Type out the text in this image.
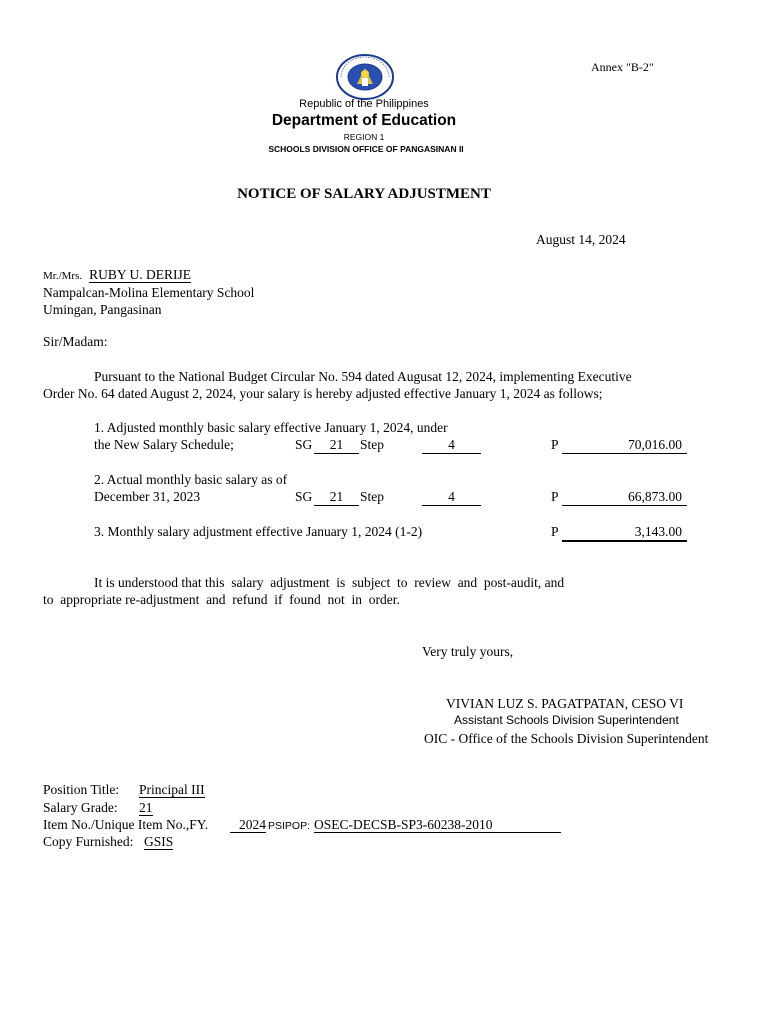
Annex "B-2"
Republic of the Philippines
Department of Education
REGION 1
SCHOOLS DIVISION OFFICE OF PANGASINAN II
NOTICE OF SALARY ADJUSTMENT
August 14, 2024
Mr./Mrs. RUBY U. DERIJE
Nampalcan-Molina Elementary School
Umingan, Pangasinan
Sir/Madam:
Pursuant to the National Budget Circular No. 594 dated Augusat 12, 2024, implementing Executive
Order No. 64 dated August 2, 2024, your salary is hereby adjusted effective January 1, 2024 as follows;
1. Adjusted monthly basic salary effective January 1, 2024, under
the New Salary Schedule;	SG	21	Step	4	P	70,016.00
2. Actual monthly basic salary as of
December 31, 2023	SG	21	Step	4	P	66,873.00
3. Monthly salary adjustment effective January 1, 2024 (1-2)	P	3,143.00
It is understood that this  salary  adjustment  is  subject  to  review  and  post-audit, and
to  appropriate re-adjustment  and  refund  if  found  not  in  order.
Very truly yours,
VIVIAN LUZ S. PAGATPATAN, CESO VI
Assistant Schools Division Superintendent
OIC - Office of the Schools Division Superintendent
Position Title: Principal III
Salary Grade: 21
Item No./Unique Item No.,FY.	2024 PSIPOP: OSEC-DECSB-SP3-60238-2010
Copy Furnished: GSIS
